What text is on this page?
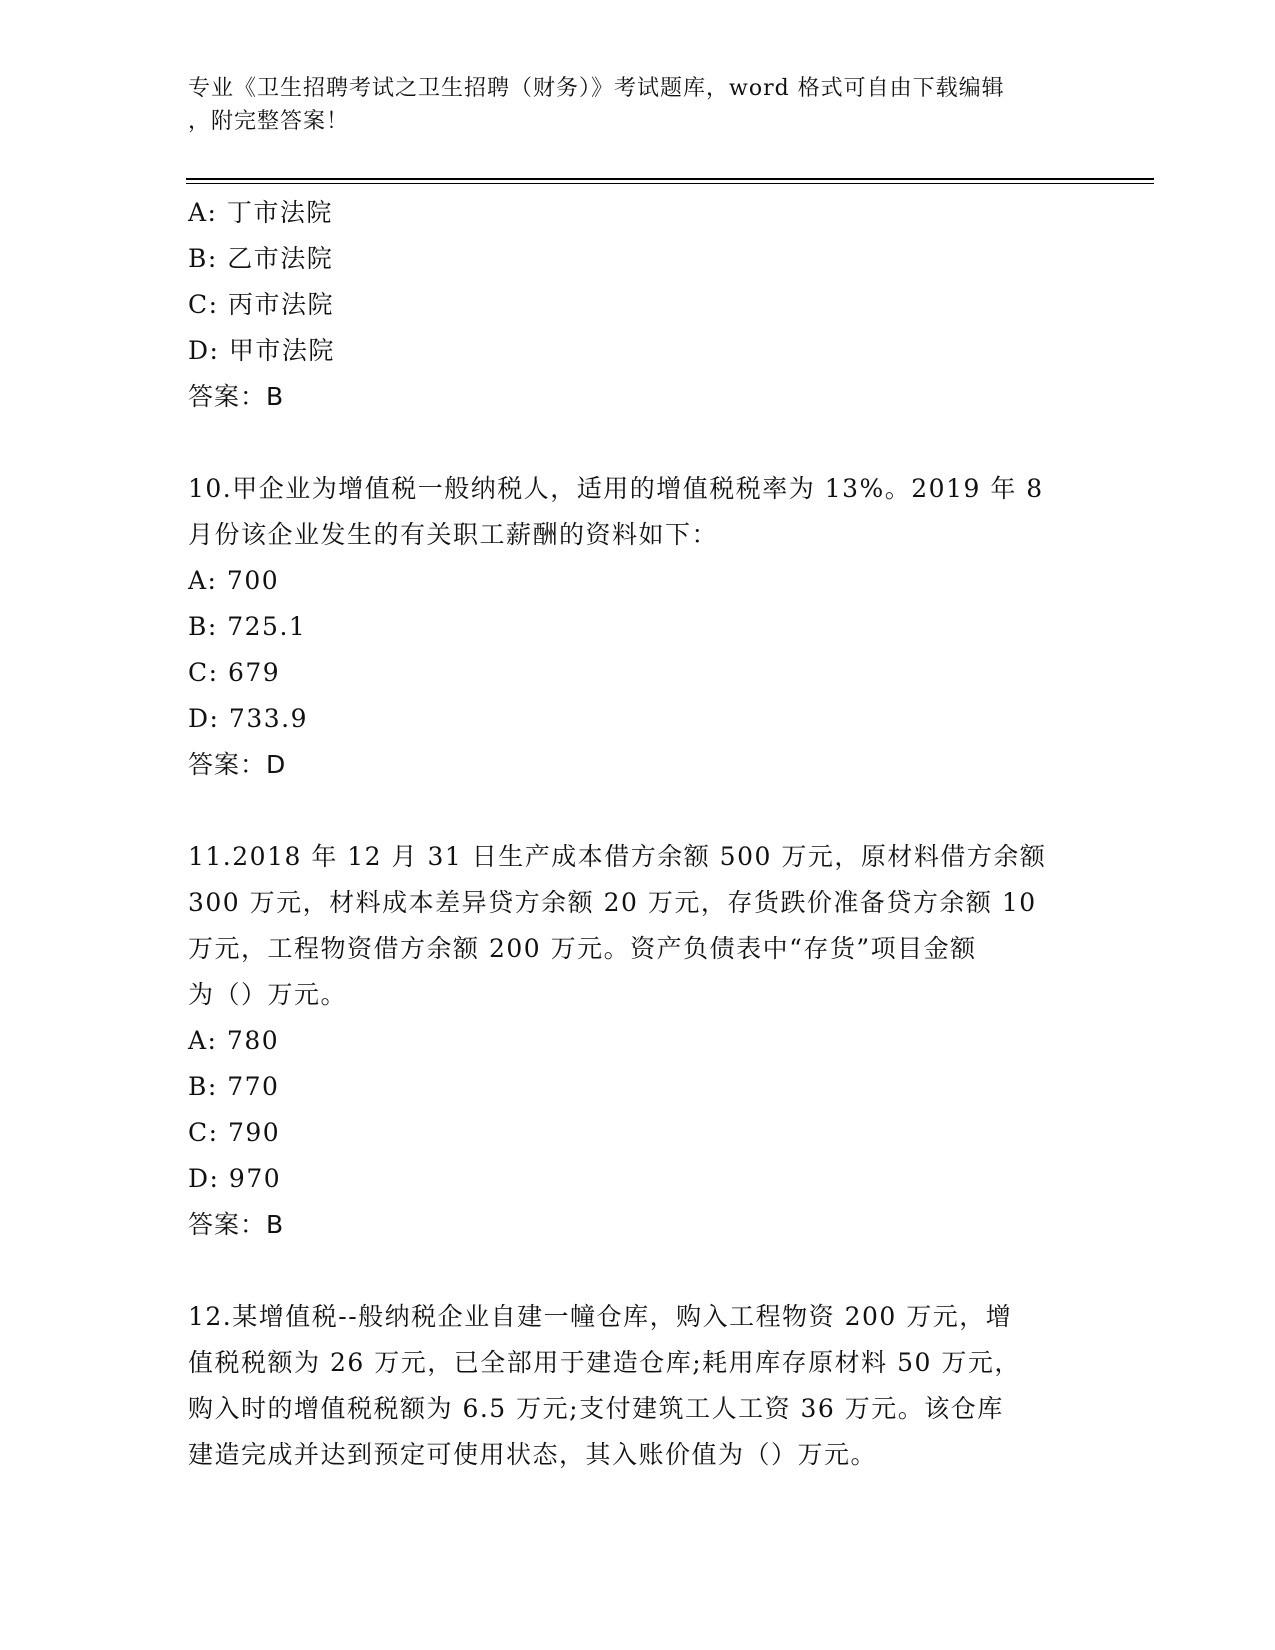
专业《卫生招聘考试之卫生招聘（财务）》考试题库，word 格式可自由下载编辑
，附完整答案！
A: 丁市法院
B: 乙市法院
C: 丙市法院
D: 甲市法院
答案：B
10.甲企业为增值税一般纳税人，适用的增值税税率为 13%。2019 年 8
月份该企业发生的有关职工薪酬的资料如下：
A: 700
B: 725.1
C: 679
D: 733.9
答案：D
11.2018 年 12 月 31 日生产成本借方余额 500 万元，原材料借方余额
300 万元，材料成本差异贷方余额 20 万元，存货跌价准备贷方余额 10
万元，工程物资借方余额 200 万元。资产负债表中“存货”项目金额
为（）万元。
A: 780
B: 770
C: 790
D: 970
答案：B
12.某增值税--般纳税企业自建一幢仓库，购入工程物资 200 万元，增
值税税额为 26 万元，已全部用于建造仓库;耗用库存原材料 50 万元，
购入时的增值税税额为 6.5 万元;支付建筑工人工资 36 万元。该仓库
建造完成并达到预定可使用状态，其入账价值为（）万元。
